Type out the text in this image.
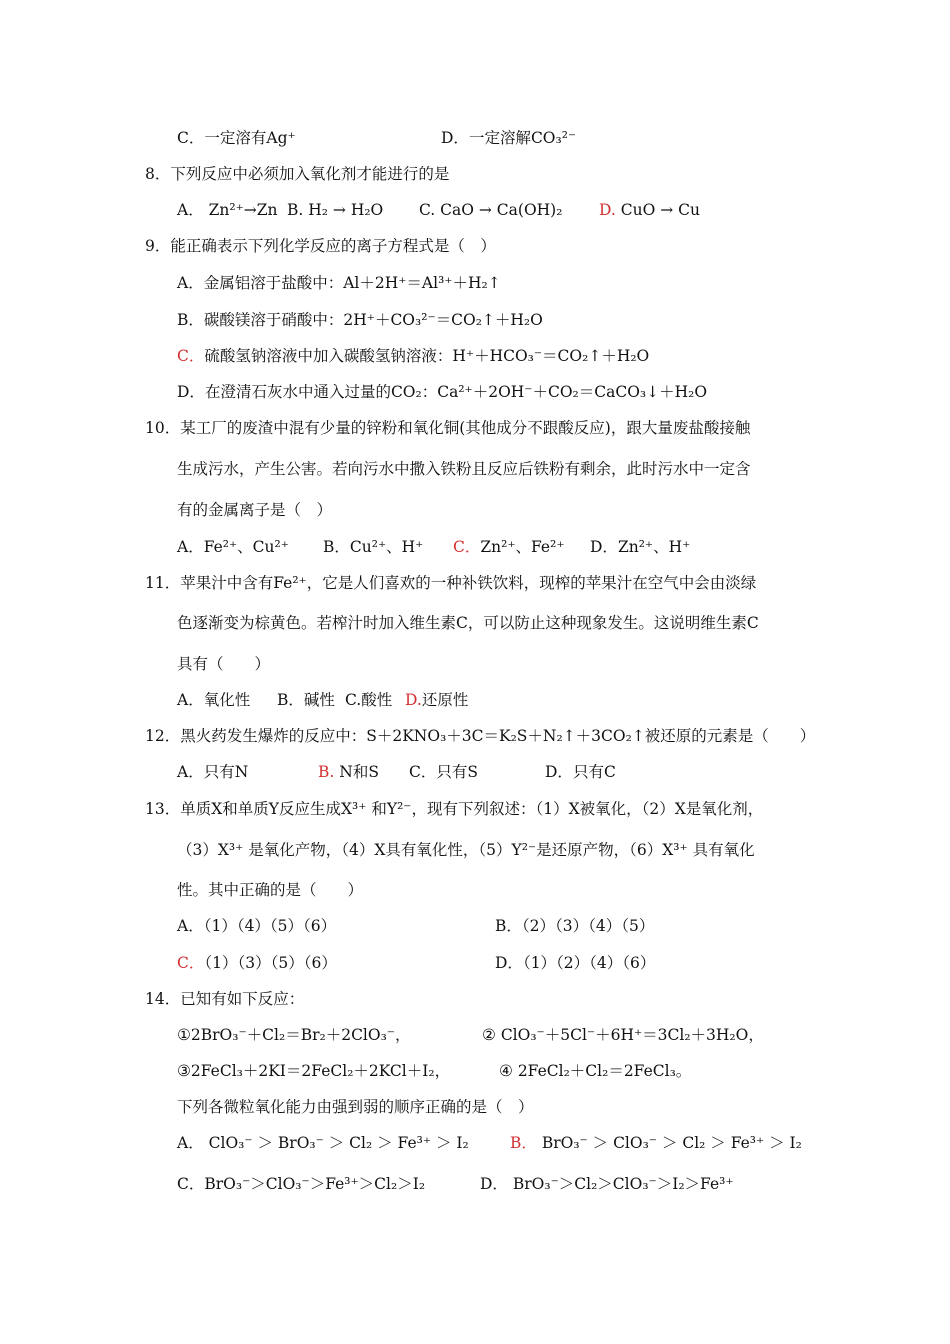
C．一定溶有Ag⁺	D．一定溶解CO₃²⁻
8．下列反应中必须加入氧化剂才能进行的是
A． Zn²⁺→Zn B. H₂ → H₂O C. CaO → Ca(OH)₂ D. CuO → Cu
9．能正确表示下列化学反应的离子方程式是（　）
A．金属铝溶于盐酸中：Al＋2H⁺＝Al³⁺＋H₂↑
B．碳酸镁溶于硝酸中：2H⁺＋CO₃²⁻＝CO₂↑＋H₂O
C．硫酸氢钠溶液中加入碳酸氢钠溶液：H⁺＋HCO₃⁻＝CO₂↑＋H₂O
D．在澄清石灰水中通入过量的CO₂：Ca²⁺＋2OH⁻＋CO₂＝CaCO₃↓＋H₂O
10．某工厂的废渣中混有少量的锌粉和氧化铜(其他成分不跟酸反应)，跟大量废盐酸接触
生成污水，产生公害。若向污水中撒入铁粉且反应后铁粉有剩余，此时污水中一定含
有的金属离子是（　）
A．Fe²⁺、Cu²⁺ B．Cu²⁺、H⁺ C．Zn²⁺、Fe²⁺ D．Zn²⁺、H⁺
11．苹果汁中含有Fe²⁺，它是人们喜欢的一种补铁饮料，现榨的苹果汁在空气中会由淡绿
色逐渐变为棕黄色。若榨汁时加入维生素C，可以防止这种现象发生。这说明维生素C
具有（　　）
A．氧化性 B．碱性 C.酸性 D.还原性
12．黑火药发生爆炸的反应中：S＋2KNO₃＋3C＝K₂S＋N₂↑＋3CO₂↑被还原的元素是（　　）
A．只有N	B. N和S C．只有S	D．只有C
13．单质X和单质Y反应生成X³⁺ 和Y²⁻，现有下列叙述：（1）X被氧化，（2）X是氧化剂，
（3）X³⁺ 是氧化产物，（4）X具有氧化性，（5）Y²⁻是还原产物，（6）X³⁺ 具有氧化
性。其中正确的是（　　）
A．（1）（4）（5）（6）	B．（2）（3）（4）（5）
C．（1）（3）（5）（6）	D．（1）（2）（4）（6）
14．已知有如下反应：
①2BrO₃⁻＋Cl₂＝Br₂＋2ClO₃⁻，	② ClO₃⁻＋5Cl⁻＋6H⁺＝3Cl₂＋3H₂O，
③2FeCl₃＋2KI＝2FeCl₂＋2KCl＋I₂，	④ 2FeCl₂＋Cl₂＝2FeCl₃。
下列各微粒氧化能力由强到弱的顺序正确的是（　）
A． ClO₃⁻ ＞ BrO₃⁻ ＞ Cl₂ ＞ Fe³⁺ ＞ I₂	B． BrO₃⁻ ＞ ClO₃⁻ ＞ Cl₂ ＞ Fe³⁺ ＞ I₂
C．BrO₃⁻＞ClO₃⁻＞Fe³⁺＞Cl₂＞I₂	D． BrO₃⁻＞Cl₂＞ClO₃⁻＞I₂＞Fe³⁺
